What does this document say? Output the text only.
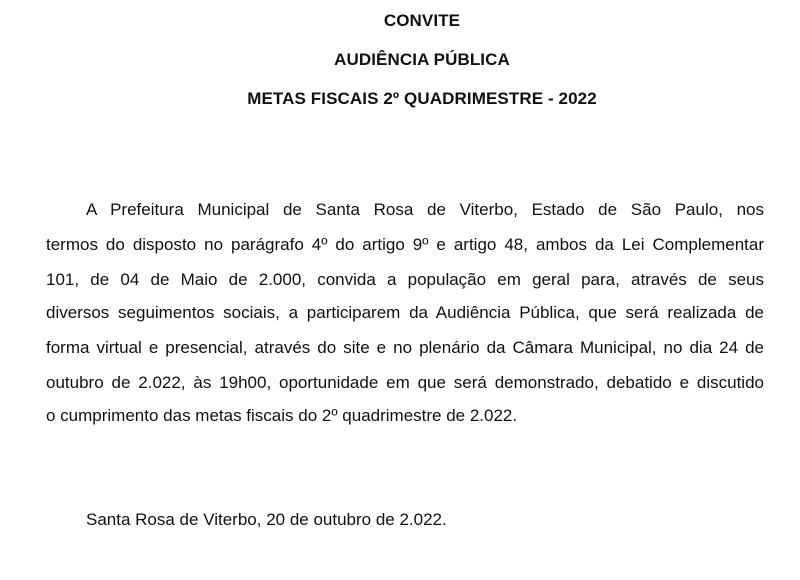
CONVITE
AUDIÊNCIA PÚBLICA
METAS FISCAIS 2º QUADRIMESTRE - 2022
A Prefeitura Municipal de Santa Rosa de Viterbo, Estado de São Paulo, nos
termos do disposto no parágrafo 4º do artigo 9º e artigo 48, ambos da Lei Complementar
101, de 04 de Maio de 2.000, convida a população em geral para, através de seus
diversos seguimentos sociais, a participarem da Audiência Pública, que será realizada de
forma virtual e presencial, através do site e no plenário da Câmara Municipal, no dia 24 de
outubro de 2.022, às 19h00, oportunidade em que será demonstrado, debatido e discutido
o cumprimento das metas fiscais do 2º quadrimestre de 2.022.
Santa Rosa de Viterbo, 20 de outubro de 2.022.
